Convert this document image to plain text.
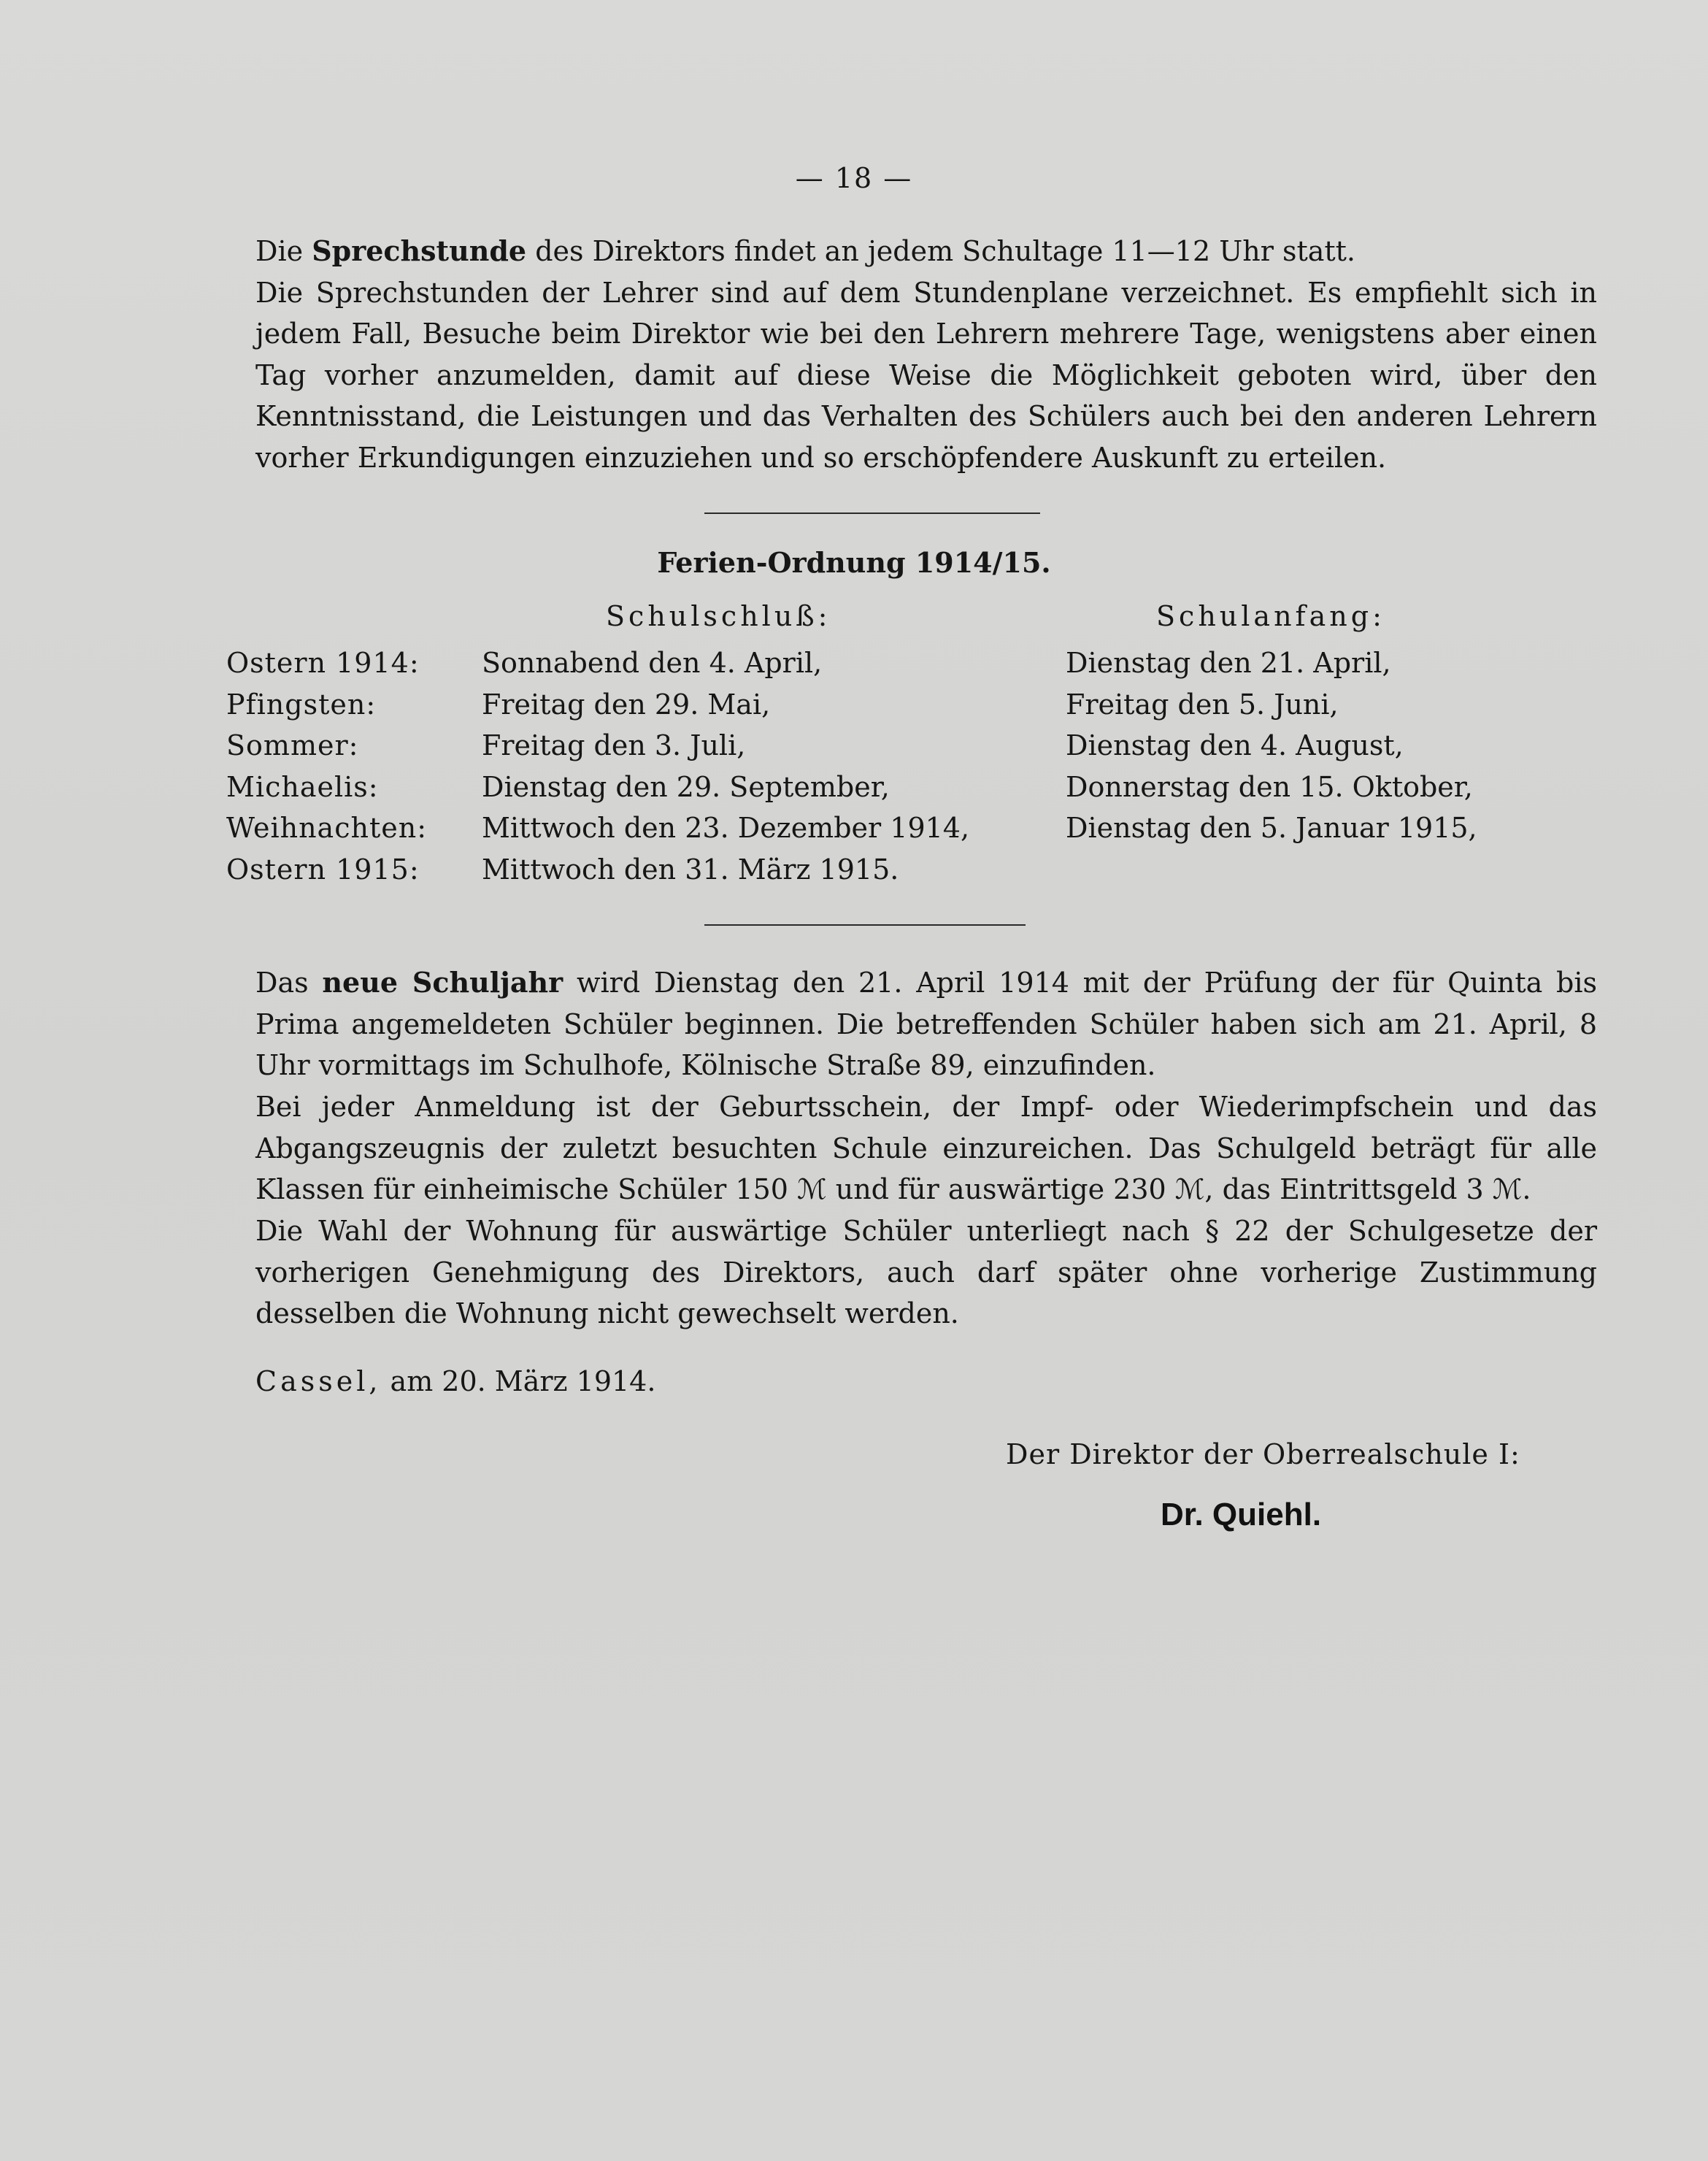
— 18 —
Die Sprechstunde des Direktors findet an jedem Schultage 11—12 Uhr statt.
Die Sprechstunden der Lehrer sind auf dem Stundenplane verzeichnet. Es empfiehlt sich in jedem Fall, Besuche beim Direktor wie bei den Lehrern mehrere Tage, wenigstens aber einen Tag vorher anzumelden, damit auf diese Weise die Möglichkeit geboten wird, über den Kenntnisstand, die Leistungen und das Verhalten des Schülers auch bei den anderen Lehrern vorher Erkundigungen einzuziehen und so erschöpfendere Auskunft zu erteilen.
Ferien-Ordnung 1914/15.
Schulschluß:	Schulanfang:
Ostern 1914: Sonnabend den 4. April,	Dienstag den 21. April,
Pfingsten:	Freitag den 29. Mai,	Freitag den 5. Juni,
Sommer:	Freitag den 3. Juli,	Dienstag den 4. August,
Michaelis:	Dienstag den 29. September,	Donnerstag den 15. Oktober,
Weihnachten: Mittwoch den 23. Dezember 1914,	Dienstag den 5. Januar 1915,
Ostern 1915: Mittwoch den 31. März 1915.
Das neue Schuljahr wird Dienstag den 21. April 1914 mit der Prüfung der für Quinta bis Prima angemeldeten Schüler beginnen. Die betreffenden Schüler haben sich am 21. April, 8 Uhr vormittags im Schulhofe, Kölnische Straße 89, einzufinden.
Bei jeder Anmeldung ist der Geburtsschein, der Impf- oder Wiederimpfschein und das Abgangszeugnis der zuletzt besuchten Schule einzureichen. Das Schulgeld beträgt für alle Klassen für einheimische Schüler 150 ℳ und für auswärtige 230 ℳ, das Eintrittsgeld 3 ℳ.
Die Wahl der Wohnung für auswärtige Schüler unterliegt nach § 22 der Schulgesetze der vorherigen Genehmigung des Direktors, auch darf später ohne vorherige Zustimmung desselben die Wohnung nicht gewechselt werden.
Cassel, am 20. März 1914.
Der Direktor der Oberrealschule I:
Dr. Quiehl.
